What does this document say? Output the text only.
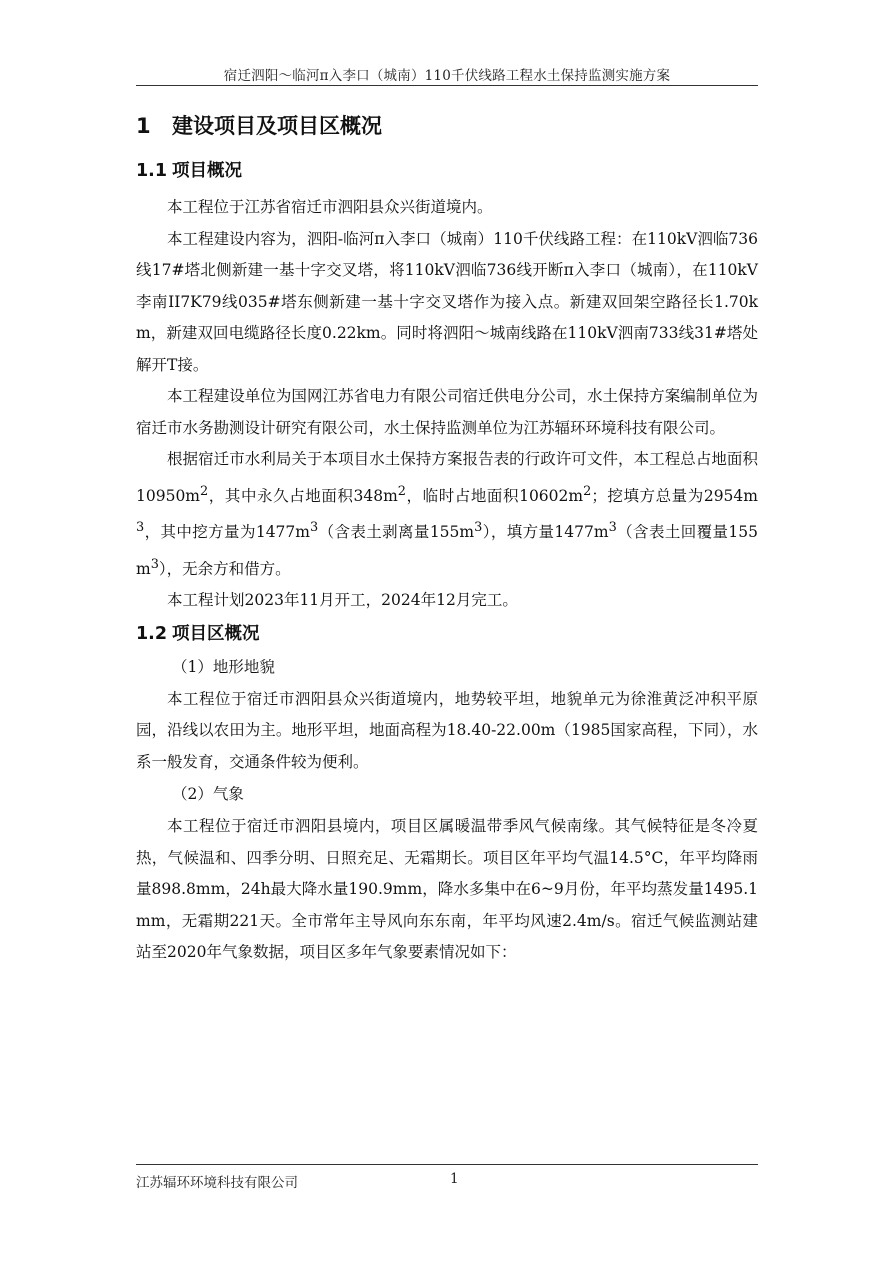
宿迁泗阳～临河π入李口（城南）110千伏线路工程水土保持监测实施方案
1 建设项目及项目区概况
1.1 项目概况

本工程位于江苏省宿迁市泗阳县众兴街道境内。

本工程建设内容为，泗阳-临河π入李口（城南）110千伏线路工程：在110kV泗临736线17#塔北侧新建一基十字交叉塔，将110kV泗临736线开断π入李口（城南），在110kV李南II7K79线035#塔东侧新建一基十字交叉塔作为接入点。新建双回架空路径长1.70km，新建双回电缆路径长度0.22km。同时将泗阳～城南线路在110kV泗南733线31#塔处解开T接。

本工程建设单位为国网江苏省电力有限公司宿迁供电分公司，水土保持方案编制单位为宿迁市水务勘测设计研究有限公司，水土保持监测单位为江苏辐环环境科技有限公司。

根据宿迁市水利局关于本项目水土保持方案报告表的行政许可文件，本工程总占地面积$10950m^2$，其中永久占地面积$348m^2$，临时占地面积$10602m^2$；挖填方总量为$2954m^3$，其中挖方量为$1477m^3$（含表土剥离量$155m^3$），填方量$1477m^3$（含表土回覆量$155m^3$），无余方和借方。

本工程计划2023年11月开工，2024年12月完工。

1.2 项目区概况

（1）地形地貌

本工程位于宿迁市泗阳县众兴街道境内，地势较平坦，地貌单元为徐淮黄泛冲积平原园，沿线以农田为主。地形平坦，地面高程为18.40-22.00m（1985国家高程，下同），水系一般发育，交通条件较为便利。

（2）气象

本工程位于宿迁市泗阳县境内，项目区属暖温带季风气候南缘。其气候特征是冬冷夏热，气候温和、四季分明、日照充足、无霜期长。项目区年平均气温14.5°C，年平均降雨量898.8mm，24h最大降水量190.9mm，降水多集中在6~9月份，年平均蒸发量1495.1mm，无霜期221天。全市常年主导风向东东南，年平均风速2.4m/s。宿迁气候监测站建站至2020年气象数据，项目区多年气象要素情况如下：

江苏辐环环境科技有限公司	1
